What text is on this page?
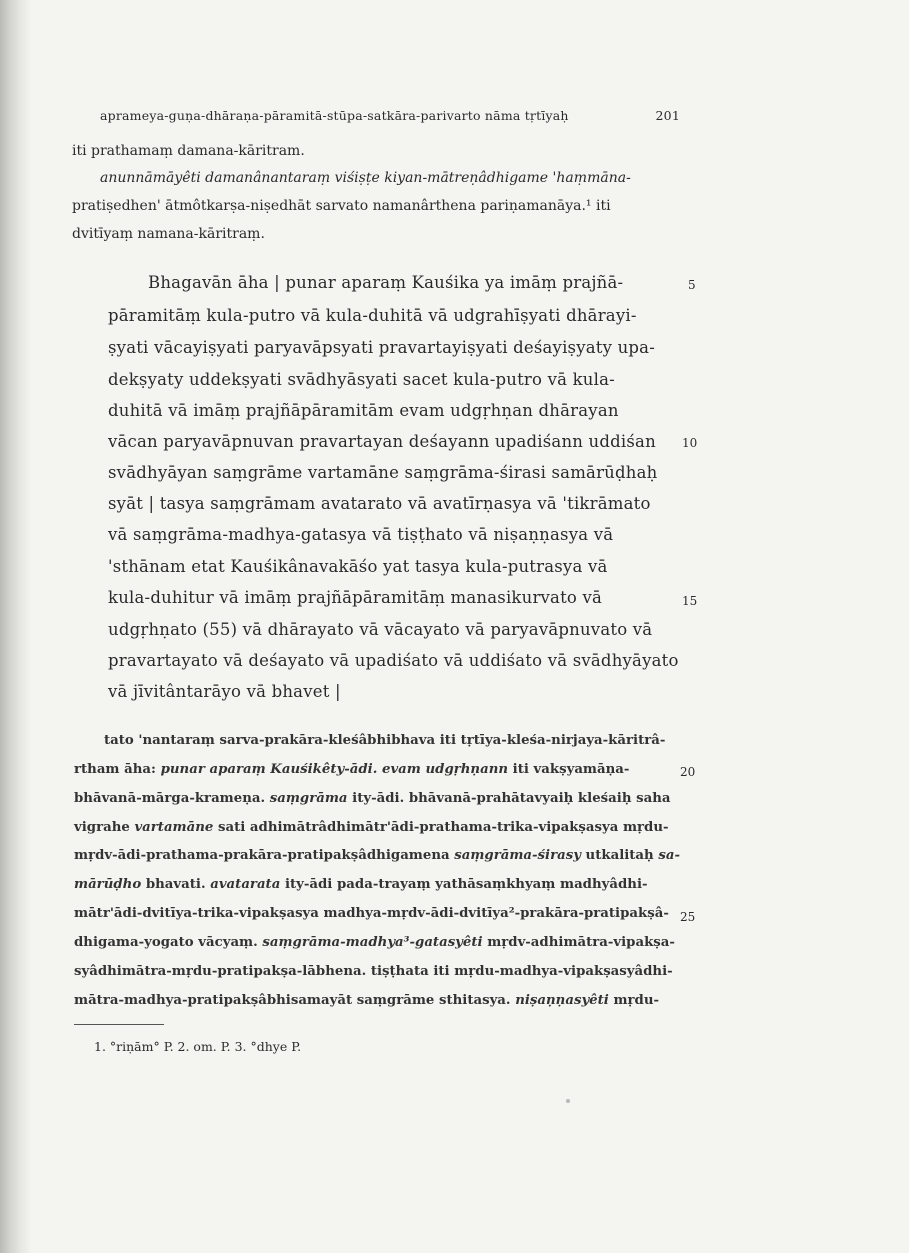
aprameya-guṇa-dhāraṇa-pāramitā-stūpa-satkāra-parivarto nāma tṛtīyaḥ	201
iti prathamaṃ damana-kāritram.
anunnāmāyêti damanânantaraṃ viśiṣṭe kiyan-mātreṇâdhigame 'haṃmāna-
pratiṣedhen' ātmôtkarṣa-niṣedhāt sarvato namanârthena pariṇamanāya.¹ iti
dvitīyaṃ namana-kāritraṃ.
Bhagavān āha | punar aparaṃ Kauśika ya imāṃ prajñā-	5
pāramitāṃ kula-putro vā kula-duhitā vā udgrahīṣyati dhārayi-
ṣyati vācayiṣyati paryavāpsyati pravartayiṣyati deśayiṣyaty upa-
dekṣyaty uddekṣyati svādhyāsyati sacet kula-putro vā kula-
duhitā vā imāṃ prajñāpāramitām evam udgṛhṇan dhārayan
vācan paryavāpnuvan pravartayan deśayann upadiśann uddiśan 10
svādhyāyan saṃgrāme vartamāne saṃgrāma-śirasi samārūḍhaḥ
syāt | tasya saṃgrāmam avatarato vā avatīrṇasya vā 'tikrāmato
vā saṃgrāma-madhya-gatasya vā tiṣṭhato vā niṣaṇṇasya vā
'sthānam etat Kauśikânavakāśo yat tasya kula-putrasya vā
kula-duhitur vā imāṃ prajñāpāramitāṃ manasikurvato vā	15
udgṛhṇato (55) vā dhārayato vā vācayato vā paryavāpnuvato vā
pravartayato vā deśayato vā upadiśato vā uddiśato vā svādhyāyato
vā jīvitântarāyo vā bhavet |
tato 'nantaraṃ sarva-prakāra-kleśâbhibhava iti tṛtīya-kleśa-nirjaya-kāritrâ-
rtham āha: punar aparaṃ Kauśikêty-ādi. evam udgṛhṇann iti vakṣyamāṇa-	20
bhāvanā-mārga-krameṇa. saṃgrāma ity-ādi. bhāvanā-prahātavyaiḥ kleśaiḥ saha
vigrahe vartamāne sati adhimātrâdhimātr'ādi-prathama-trika-vipakṣasya mṛdu-
mṛdv-ādi-prathama-prakāra-pratipakṣâdhigamena saṃgrāma-śirasy utkalitaḥ sa-
mārūḍho bhavati. avatarata ity-ādi pada-trayaṃ yathāsaṃkhyaṃ madhyâdhi-
mātr'ādi-dvitīya-trika-vipakṣasya madhya-mṛdv-ādi-dvitīya²-prakāra-pratipakṣâ- 25
dhigama-yogato vācyaṃ. saṃgrāma-madhya³-gatasyêti mṛdv-adhimātra-vipakṣa-
syâdhimātra-mṛdu-pratipakṣa-lābhena. tiṣṭhata iti mṛdu-madhya-vipakṣasyâdhi-
mātra-madhya-pratipakṣâbhisamayāt saṃgrāme sthitasya. niṣaṇṇasyêti mṛdu-
1. °riṇām° P. 2. om. P. 3. °dhye P.
